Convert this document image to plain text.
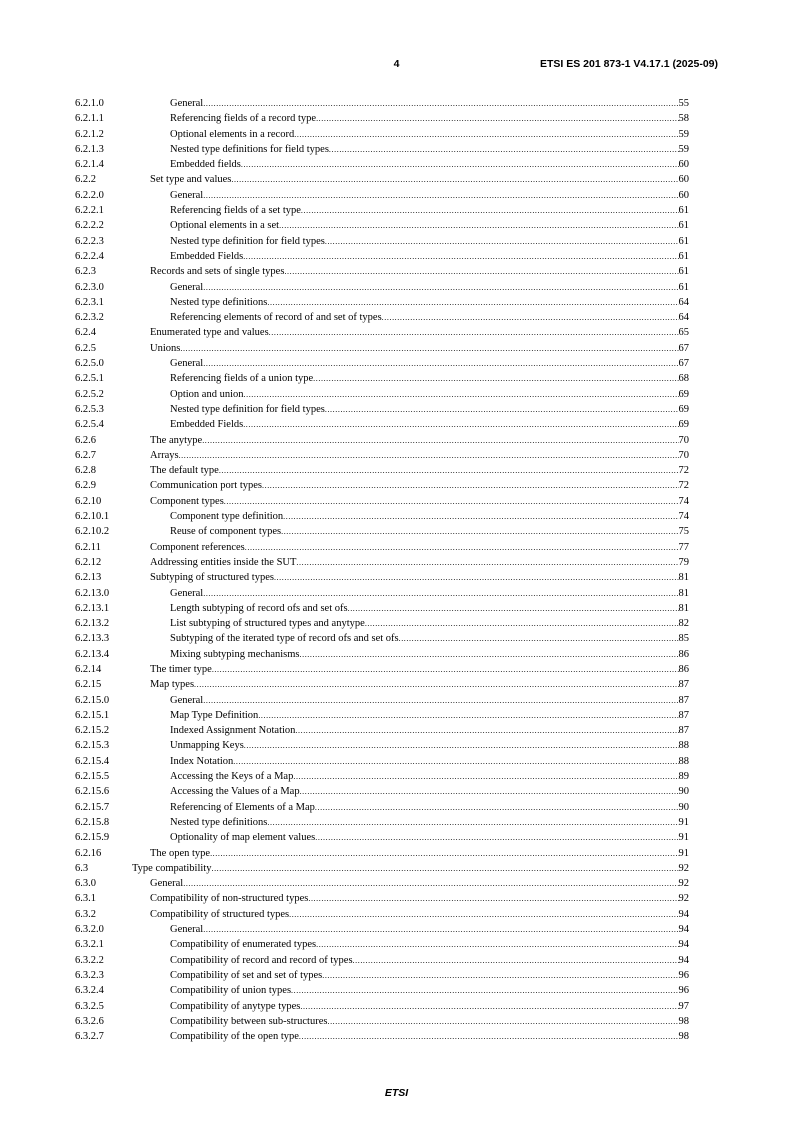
4	ETSI ES 201 873-1 V4.17.1 (2025-09)
6.2.1.0	General .....	55
6.2.1.1	Referencing fields of a record type .....	58
6.2.1.2	Optional elements in a record .....	59
6.2.1.3	Nested type definitions for field types .....	59
6.2.1.4	Embedded fields .....	60
6.2.2	Set type and values .....	60
6.2.2.0	General .....	60
6.2.2.1	Referencing fields of a set type .....	61
6.2.2.2	Optional elements in a set .....	61
6.2.2.3	Nested type definition for field types .....	61
6.2.2.4	Embedded Fields .....	61
6.2.3	Records and sets of single types .....	61
6.2.3.0	General .....	61
6.2.3.1	Nested type definitions .....	64
6.2.3.2	Referencing elements of record of and set of types .....	64
6.2.4	Enumerated type and values .....	65
6.2.5	Unions .....	67
6.2.5.0	General .....	67
6.2.5.1	Referencing fields of a union type .....	68
6.2.5.2	Option and union .....	69
6.2.5.3	Nested type definition for field types .....	69
6.2.5.4	Embedded Fields .....	69
6.2.6	The anytype .....	70
6.2.7	Arrays .....	70
6.2.8	The default type .....	72
6.2.9	Communication port types .....	72
6.2.10	Component types .....	74
6.2.10.1	Component type definition .....	74
6.2.10.2	Reuse of component types .....	75
6.2.11	Component references .....	77
6.2.12	Addressing entities inside the SUT .....	79
6.2.13	Subtyping of structured types .....	81
6.2.13.0	General .....	81
6.2.13.1	Length subtyping of record ofs and set ofs .....	81
6.2.13.2	List subtyping of structured types and anytype .....	82
6.2.13.3	Subtyping of the iterated type of record ofs and set ofs .....	85
6.2.13.4	Mixing subtyping mechanisms .....	86
6.2.14	The timer type .....	86
6.2.15	Map types .....	87
6.2.15.0	General .....	87
6.2.15.1	Map Type Definition .....	87
6.2.15.2	Indexed Assignment Notation .....	87
6.2.15.3	Unmapping Keys .....	88
6.2.15.4	Index Notation .....	88
6.2.15.5	Accessing the Keys of a Map .....	89
6.2.15.6	Accessing the Values of a Map .....	90
6.2.15.7	Referencing of Elements of a Map .....	90
6.2.15.8	Nested type definitions .....	91
6.2.15.9	Optionality of map element values .....	91
6.2.16	The open type .....	91
6.3	Type compatibility .....	92
6.3.0	General .....	92
6.3.1	Compatibility of non-structured types .....	92
6.3.2	Compatibility of structured types .....	94
6.3.2.0	General .....	94
6.3.2.1	Compatibility of enumerated types .....	94
6.3.2.2	Compatibility of record and record of types .....	94
6.3.2.3	Compatibility of set and set of types .....	96
6.3.2.4	Compatibility of union types .....	96
6.3.2.5	Compatibility of anytype types .....	97
6.3.2.6	Compatibility between sub-structures .....	98
6.3.2.7	Compatibility of the open type .....	98
ETSI
